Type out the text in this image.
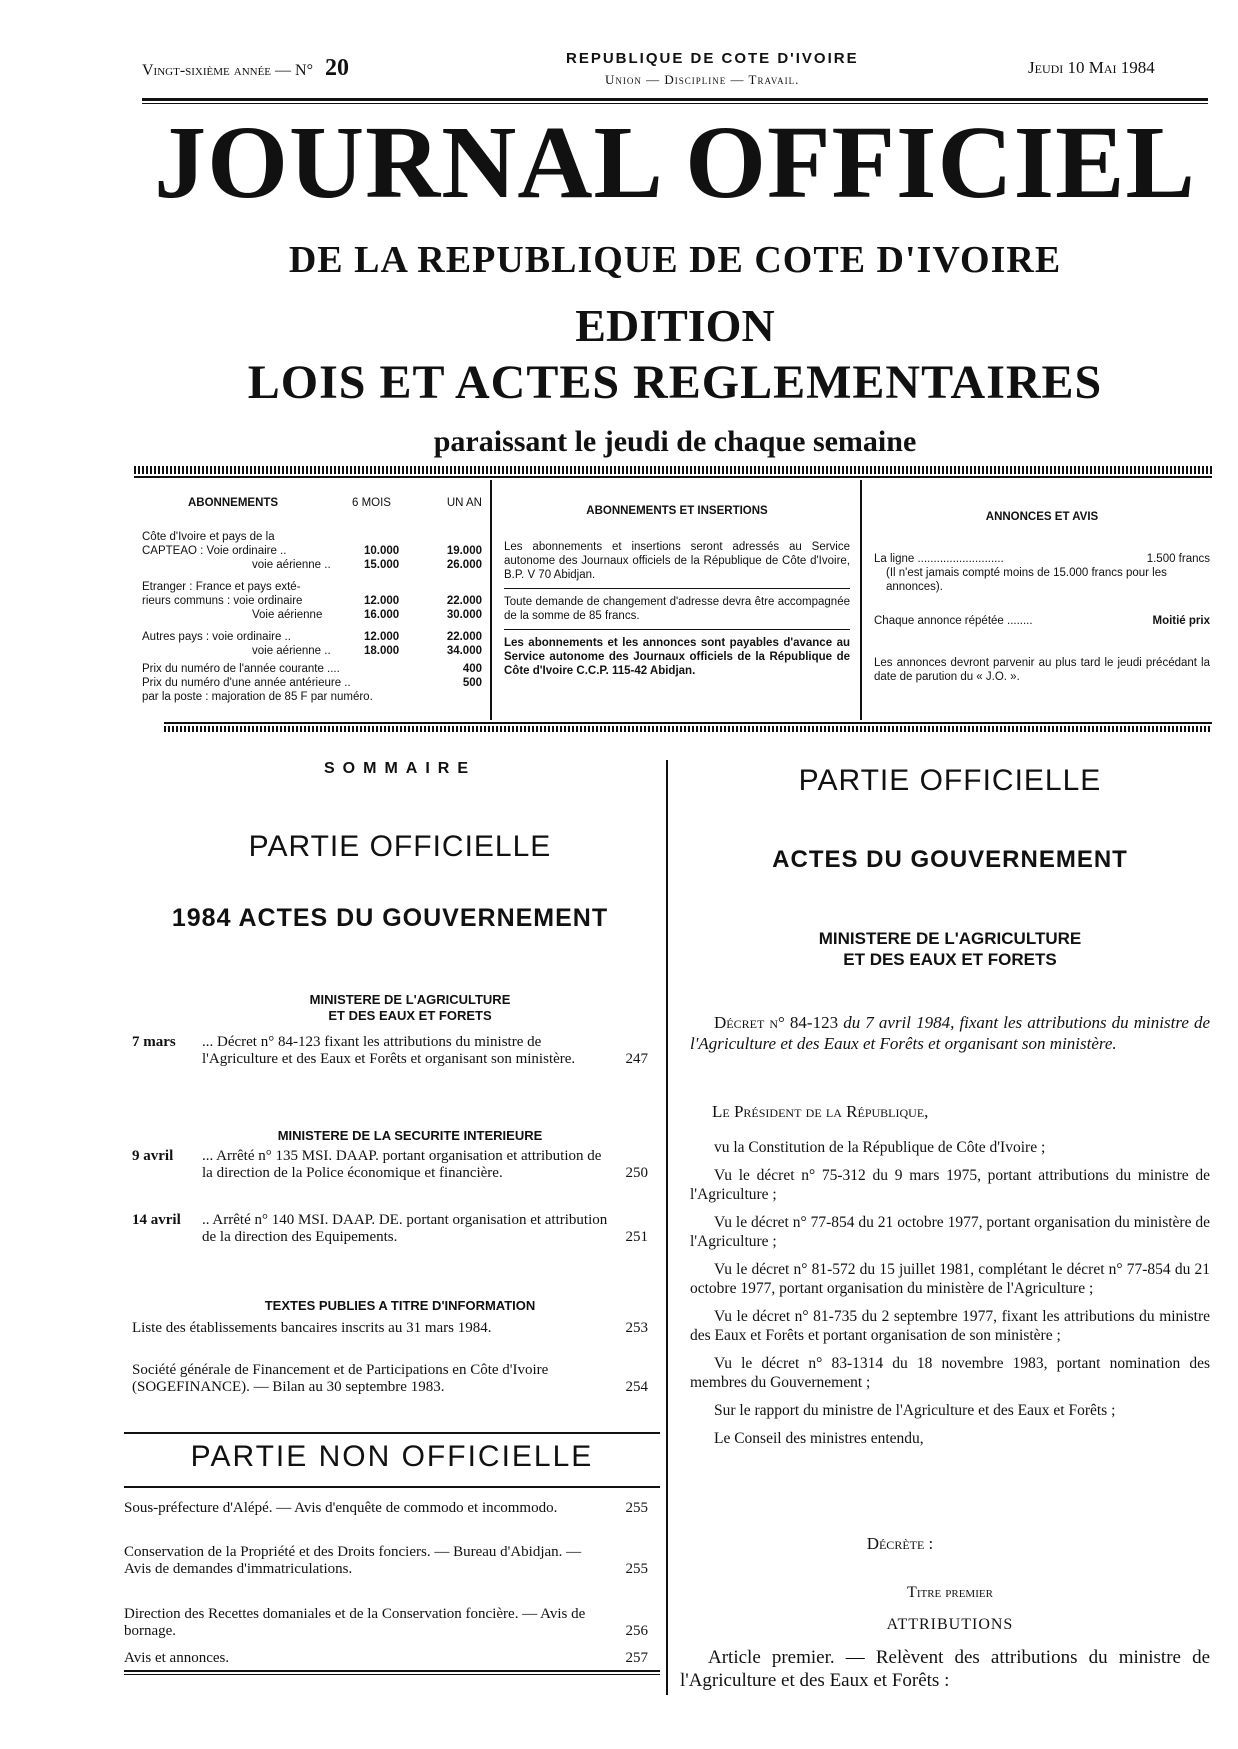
Vingt-sixième année — N° 20	REPUBLIQUE DE COTE D'IVOIRE
Union — Discipline — Travail.
Jeudi 10 Mai 1984
JOURNAL OFFICIEL
DE LA REPUBLIQUE DE COTE D'IVOIRE
EDITION
LOIS ET ACTES REGLEMENTAIRES
paraissant le jeudi de chaque semaine
ABONNEMENTS	6 MOIS	UN AN
Côte d'Ivoire et pays de la
CAPTEAO : Voie ordinaire ..	10.000	19.000
voie aérienne ..	15.000	26.000
Etranger : France et pays exté-
rieurs communs : voie ordinaire	12.000	22.000
Voie aérienne	16.000	30.000
Autres pays : voie ordinaire ..	12.000	22.000
voie aérienne ..	18.000	34.000
Prix du numéro de l'année courante ....	400
Prix du numéro d'une année antérieure ..	500
par la poste : majoration de 85 F par numéro.
ABONNEMENTS ET INSERTIONS
Les abonnements et insertions seront adressés au Service autonome des Journaux officiels de la République de Côte d'Ivoire, B.P. V 70 Abidjan.
Toute demande de changement d'adresse devra être accompagnée de la somme de 85 francs.
Les abonnements et les annonces sont payables d'avance au Service autonome des Journaux officiels de la République de Côte d'Ivoire C.C.P. 115-42 Abidjan.
ANNONCES ET AVIS
La ligne ...........................	1.500 francs
(Il n'est jamais compté moins de 15.000 francs pour les annonces).
Chaque annonce répétée ........	Moitié prix
Les annonces devront parvenir au plus tard le jeudi précédant la date de parution du « J.O. ».
SOMMAIRE
PARTIE OFFICIELLE
1984 ACTES DU GOUVERNEMENT
MINISTERE DE L'AGRICULTURE
ET DES EAUX ET FORETS
7 mars	... Décret n° 84-123 fixant les attributions du ministre de l'Agriculture et des Eaux et Forêts et organisant son ministère.	247
MINISTERE DE LA SECURITE INTERIEURE
9 avril	... Arrêté n° 135 MSI. DAAP. portant organisation et attribution de la direction de la Police économique et financière.	250
14 avril	.. Arrêté n° 140 MSI. DAAP. DE. portant organisation et attribution de la direction des Equipements.	251
TEXTES PUBLIES A TITRE D'INFORMATION
Liste des établissements bancaires inscrits au 31 mars 1984.	253
Société générale de Financement et de Participations en Côte d'Ivoire (SOGEFINANCE). — Bilan au 30 septembre 1983.	254
PARTIE NON OFFICIELLE
Sous-préfecture d'Alépé. — Avis d'enquête de commodo et incommodo.	255
Conservation de la Propriété et des Droits fonciers. — Bureau d'Abidjan. — Avis de demandes d'immatriculations.	255
Direction des Recettes domaniales et de la Conservation foncière. — Avis de bornage.	256
Avis et annonces.	257
PARTIE OFFICIELLE
ACTES DU GOUVERNEMENT
MINISTERE DE L'AGRICULTURE
ET DES EAUX ET FORETS
Décret n° 84-123 du 7 avril 1984, fixant les attributions du ministre de l'Agriculture et des Eaux et Forêts et organisant son ministère.
Le Président de la République,
vu la Constitution de la République de Côte d'Ivoire ;
Vu le décret n° 75-312 du 9 mars 1975, portant attributions du ministre de l'Agriculture ;
Vu le décret n° 77-854 du 21 octobre 1977, portant organisation du ministère de l'Agriculture ;
Vu le décret n° 81-572 du 15 juillet 1981, complétant le décret n° 77-854 du 21 octobre 1977, portant organisation du ministère de l'Agriculture ;
Vu le décret n° 81-735 du 2 septembre 1977, fixant les attributions du ministre des Eaux et Forêts et portant organisation de son ministère ;
Vu le décret n° 83-1314 du 18 novembre 1983, portant nomination des membres du Gouvernement ;
Sur le rapport du ministre de l'Agriculture et des Eaux et Forêts ;
Le Conseil des ministres entendu,
Décrète :
Titre premier
ATTRIBUTIONS
Article premier. — Relèvent des attributions du ministre de l'Agriculture et des Eaux et Forêts :
